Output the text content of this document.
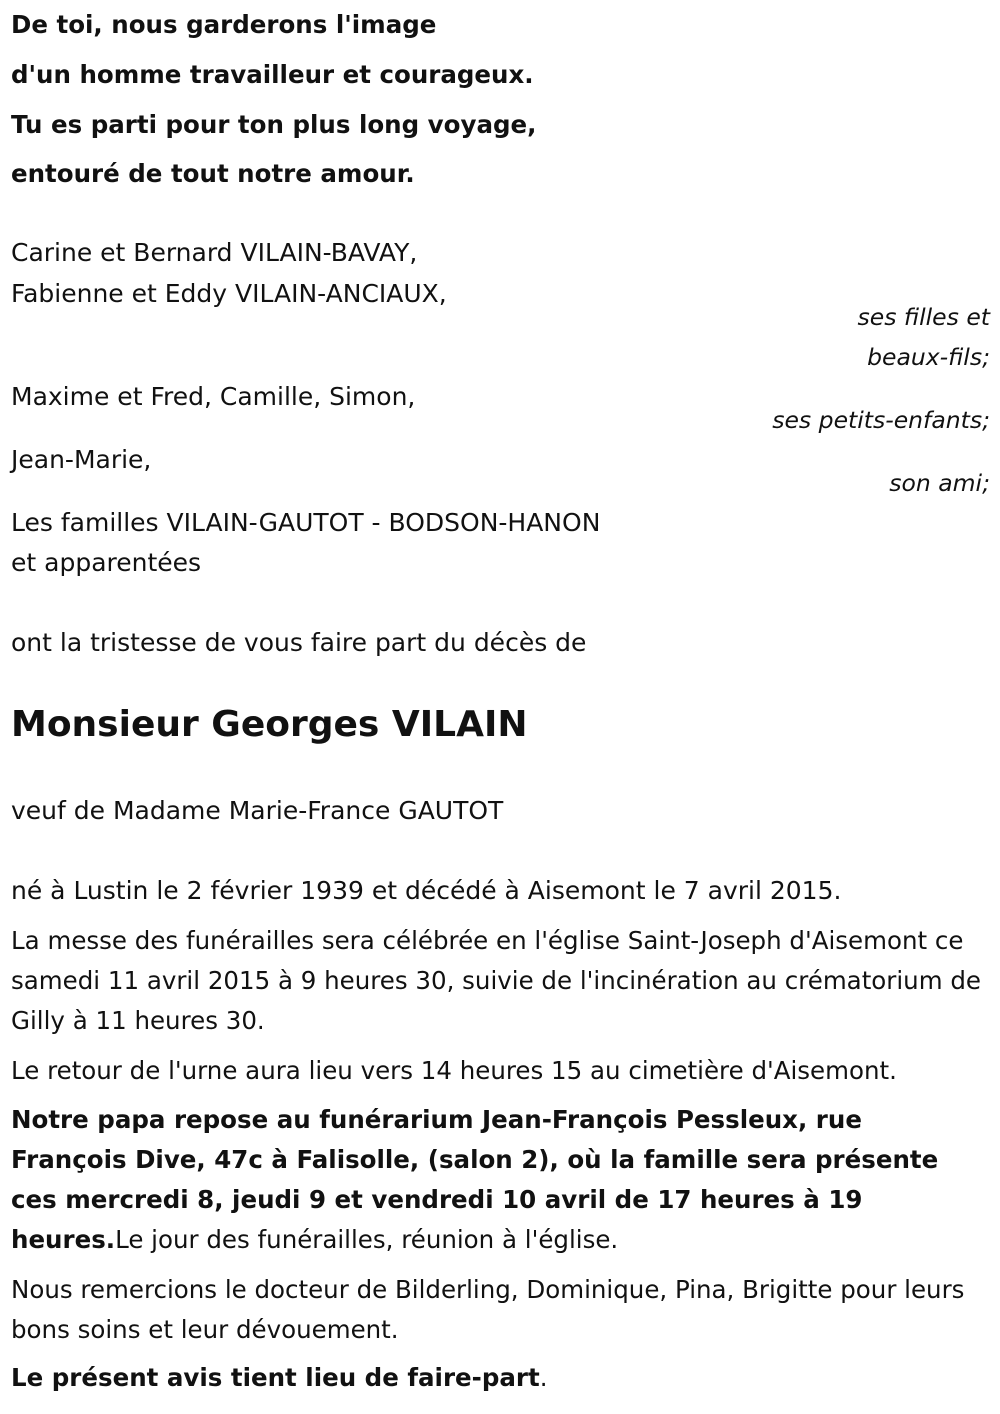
De toi, nous garderons l'image

d'un homme travailleur et courageux.

Tu es parti pour ton plus long voyage,

entouré de tout notre amour.

Carine et Bernard VILAIN-BAVAY,

Fabienne et Eddy VILAIN-ANCIAUX,

ses filles et

beaux-fils;

Maxime et Fred, Camille, Simon,

ses petits-enfants;

Jean-Marie,

son ami;

Les familles VILAIN-GAUTOT - BODSON-HANON

et apparentées

ont la tristesse de vous faire part du décès de

Monsieur Georges VILAIN

veuf de Madame Marie-France GAUTOT

né à Lustin le 2 février 1939 et décédé à Aisemont le 7 avril 2015.

La messe des funérailles sera célébrée en l'église Saint-Joseph d'Aisemont ce samedi 11 avril 2015 à 9 heures 30, suivie de l'incinération au crématorium de Gilly à 11 heures 30.

Le retour de l'urne aura lieu vers 14 heures 15 au cimetière d'Aisemont.

Notre papa repose au funérarium Jean-François Pessleux, rue François Dive, 47c à Falisolle, (salon 2), où la famille sera présente ces mercredi 8, jeudi 9 et vendredi 10 avril de 17 heures à 19 heures.Le jour des funérailles, réunion à l'église.

Nous remercions le docteur de Bilderling, Dominique, Pina, Brigitte pour leurs bons soins et leur dévouement.

Le présent avis tient lieu de faire-part.
